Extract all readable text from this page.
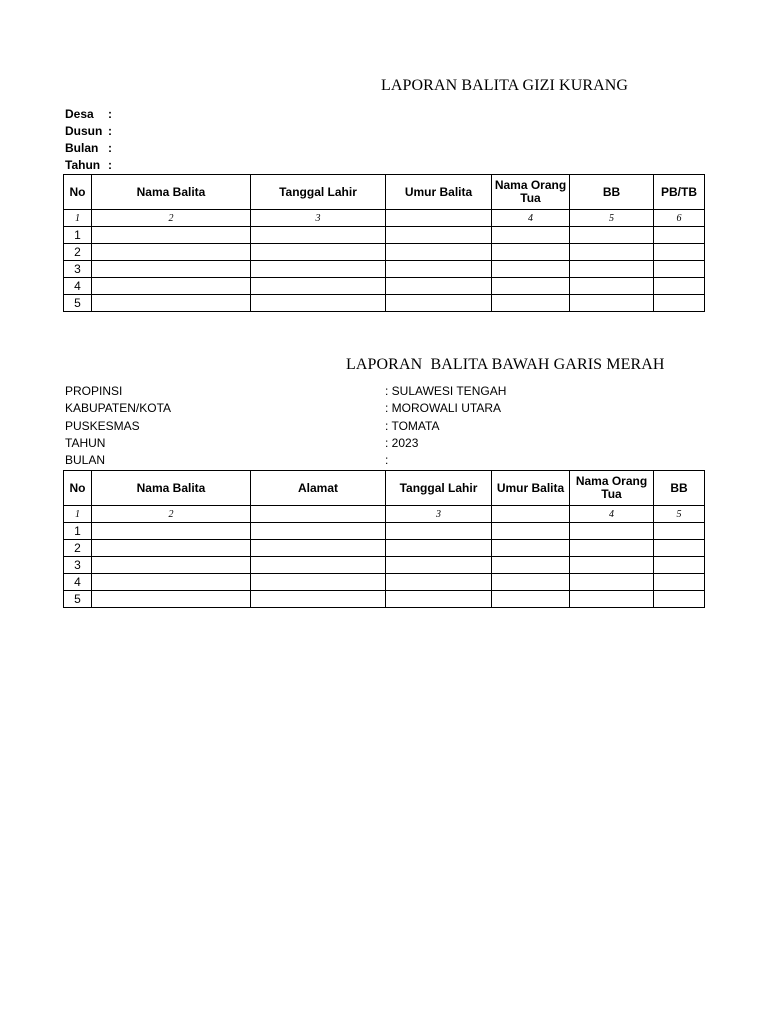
LAPORAN BALITA GIZI KURANG
Desa	:
Dusun :
Bulan :
Tahun :
No	Nama Balita	Tanggal Lahir	Umur Balita	Nama Orang Tua	BB	PB/TB
1	2	3		4	5	6
1						
2						
3						
4						
5						
LAPORAN  BALITA BAWAH GARIS MERAH
PROPINSI	: SULAWESI TENGAH
KABUPATEN/KOTA	: MOROWALI UTARA
PUSKESMAS	: TOMATA
TAHUN	: 2023
BULAN	:
No	Nama Balita	Alamat	Tanggal Lahir	Umur Balita	Nama Orang Tua	BB
1	2		3		4	5
1						
2						
3						
4						
5						
